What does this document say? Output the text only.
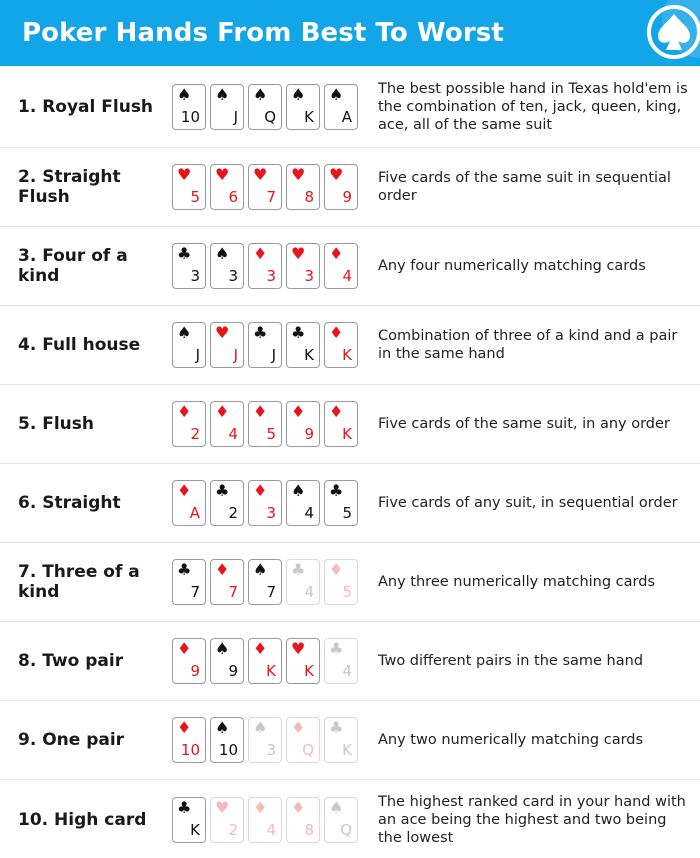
Poker Hands From Best To Worst
1. Royal Flush
♠
10
♠
J
♠
Q
♠
K
♠
A
The best possible hand in Texas hold'em is the combination of ten, jack, queen, king, ace, all of the same suit
2. Straight Flush
♥
5
♥
6
♥
7
♥
8
♥
9
Five cards of the same suit in sequential order
3. Four of a kind
♣
3
♠
3
♦
3
♥
3
♦
4
Any four numerically matching cards
4. Full house
♠
J
♥
J
♣
J
♣
K
♦
K
Combination of three of a kind and a pair in the same hand
5. Flush
♦
2
♦
4
♦
5
♦
9
♦
K
Five cards of the same suit, in any order
6. Straight
♦
A
♣
2
♦
3
♠
4
♣
5
Five cards of any suit, in sequential order
7. Three of a kind
♣
7
♦
7
♠
7
♣
4
♦
5
Any three numerically matching cards
8. Two pair
♦
9
♠
9
♦
K
♥
K
♣
4
Two different pairs in the same hand
9. One pair
♦
10
♠
10
♠
3
♦
Q
♣
K
Any two numerically matching cards
10. High card
♣
K
♥
2
♦
4
♦
8
♠
Q
The highest ranked card in your hand with an ace being the highest and two being the lowest
